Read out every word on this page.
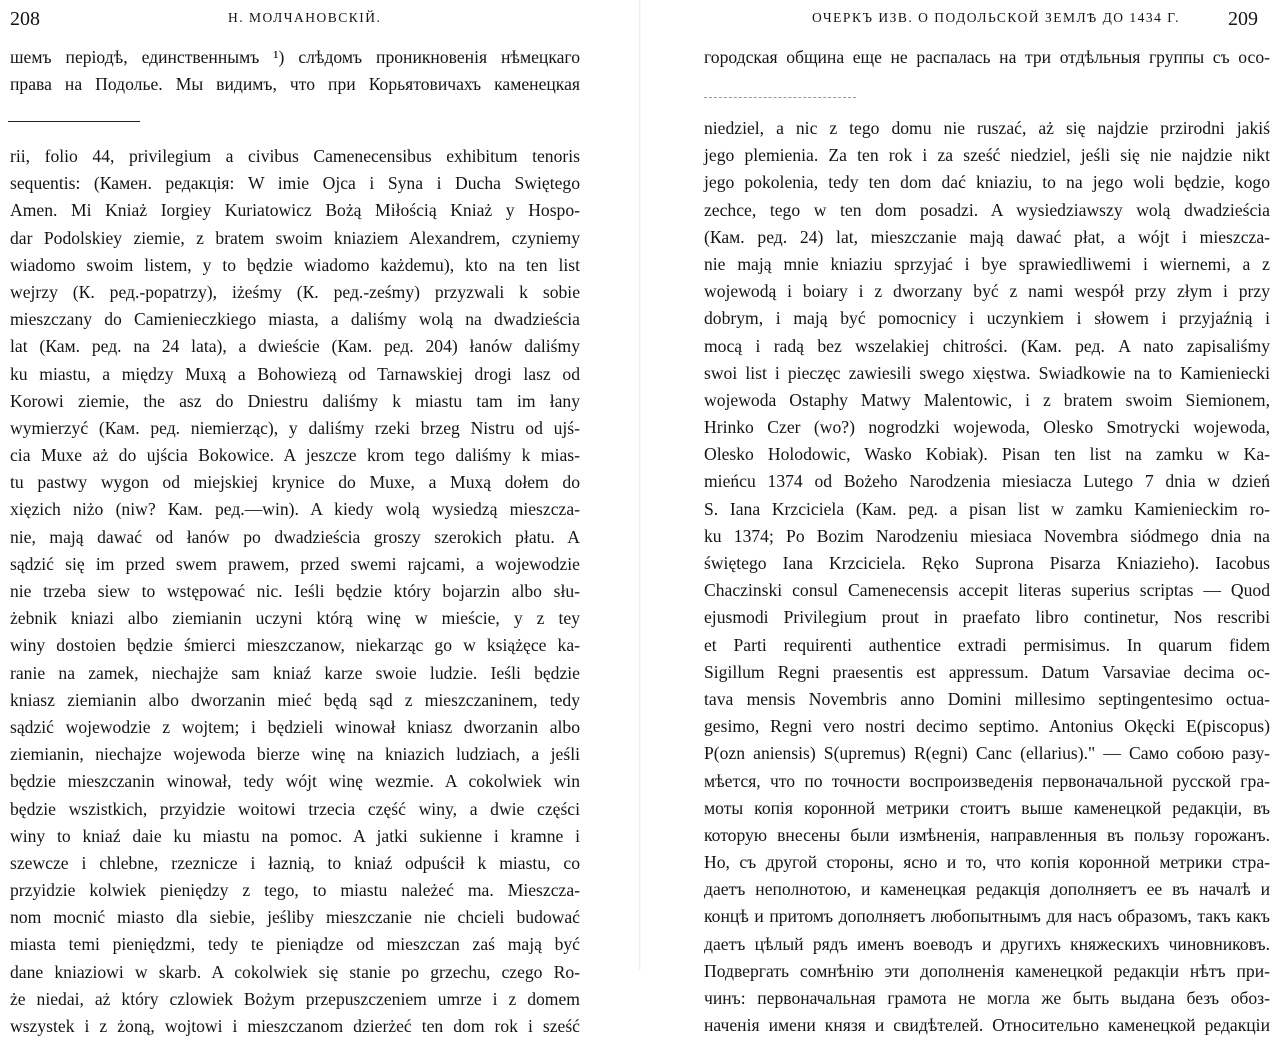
208	Н. МОЛЧАНОВСКІЙ.
шемъ періодѣ, единственнымъ ¹) слѣдомъ проникновенія нѣмецкаго
права на Подолье. Мы видимъ, что при Корьятовичахъ каменецкая
rii, folio 44, privilegium a civibus Camenecensibus exhibitum tenoris
sequentis: (Камен. редакція: W imie Ojca i Syna i Ducha Swiętego
Amen. Mi Kniaż Iorgiey Kuriatowicz Bożą Miłością Kniaż y Hospo-
dar Podolskiey ziemie, z bratem swoim kniaziem Alexandrem, czyniemy
wiadomo swoim listem, y to będzie wiadomo każdemu), kto na ten list
wejrzy (К. ред.-popatrzy), iżeśmy (К. ред.-ześmy) przyzwali k sobie
mieszczany do Camienieczkiego miasta, a daliśmy wolą na dwadzieścia
lat (Кам. ред. na 24 lata), a dwieście (Кам. ред. 204) łanów daliśmy
ku miastu, a między Muxą a Bohowiezą od Tarnawskiej drogi lasz od
Korowi ziemie, the asz do Dniestru daliśmy k miastu tam im łany
wymierzyć (Кам. ред. niemierząc), y daliśmy rzeki brzeg Nistru od ujś-
cia Muxe aż do ujścia Bokowice. A jeszcze krom tego daliśmy k mias-
tu pastwy wygon od miejskiej krynice do Muxe, a Muxą dołem do
xięzich niżo (niw? Кам. ред.—win). A kiedy wolą wysiedzą mieszcza-
nie, mają dawać od łanów po dwadzieścia groszy szerokich płatu. A
sądzić się im przed swem prawem, przed swemi rajcami, a wojewodzie
nie trzeba siew to wstępować nic. Ieśli będzie który bojarzin albo słu-
żebnik kniazi albo ziemianin uczyni którą winę w mieście, y z tey
winy dostoien będzie śmierci mieszczanow, niekarząc go w książęce ka-
ranie na zamek, niechajże sam kniaź karze swoie ludzie. Ieśli będzie
kniasz ziemianin albo dworzanin mieć będą sąd z mieszczaninem, tedy
sądzić wojewodzie z wojtem; i będzieli winował kniasz dworzanin albo
ziemianin, niechajze wojewoda bierze winę na kniazich ludziach, a jeśli
będzie mieszczanin winował, tedy wójt winę wezmie. A cokolwiek win
będzie wszistkich, przyidzie woitowi trzecia część winy, a dwie części
winy to kniaź daie ku miastu na pomoc. A jatki sukienne i kramne i
szewcze i chlebne, rzeznicze i łaznią, to kniaź odpuścił k miastu, co
przyidzie kolwiek pieniędzy z tego, to miastu należeć ma. Mieszcza-
nom mocnić miasto dla siebie, jeśliby mieszczanie nie chcieli budować
miasta temi pieniędzmi, tedy te pieniądze od mieszczan zaś mają być
dane kniaziowi w skarb. A cokolwiek się stanie po grzechu, czego Ro-
że niedai, aż który czlowiek Bożym przepuszczeniem umrze i z domem
wszystek i z żoną, wojtowi i mieszczanom dzierżeć ten dom rok i sześć
ОЧЕРКЪ ИЗВ. О ПОДОЛЬСКОЙ ЗЕМЛѢ ДО 1434 Г. 209
городская община еще не распалась на три отдѣльныя группы съ осо-
niedziel, a nic z tego domu nie ruszać, aż się najdzie przirodni jakiś
jego plemienia. Za ten rok i za sześć niedziel, jeśli się nie najdzie nikt
jego pokolenia, tedy ten dom dać kniaziu, to na jego woli będzie, kogo
zechce, tego w ten dom posadzi. A wysiedziawszy wolą dwadzieścia
(Кам. ред. 24) lat, mieszczanie mają dawać płat, a wójt i mieszcza-
nie mają mnie kniaziu sprzyjać i bye sprawiedliwemi i wiernemi, a z
wojewodą i boiary i z dworzany być z nami wespół przy złym i przy
dobrym, i mają być pomocnicy i uczynkiem i słowem i przyjaźnią i
mocą i radą bez wszelakiej chitrości. (Кам. ред. A nato zapisaliśmy
swoi list i pieczęc zawiesili swego xięstwa. Swiadkowie na to Kamieniecki
wojewoda Ostaphy Matwy Malentowic, i z bratem swoim Siemionem,
Hrinko Czer (wo?) nogrodzki wojewoda, Olesko Smotrycki wojewoda,
Olesko Holodowic, Wasko Kobiak). Pisan ten list na zamku w Ka-
mieńcu 1374 od Bożeho Narodzenia miesiacza Lutego 7 dnia w dzień
S. Iana Krzciciela (Кам. ред. a pisan list w zamku Kamienieckim ro-
ku 1374; Po Bozim Narodzeniu miesiaca Novembra siódmego dnia na
świętego Iana Krzciciela. Ręko Suprona Pisarza Kniazieho). Iacobus
Chaczinski consul Camenecensis accepit literas superius scriptas — Quod
ejusmodi Privilegium prout in praefato libro continetur, Nos rescribi
et Parti requirenti authentice extradi permisimus. In quarum fidem
Sigillum Regni praesentis est appressum. Datum Varsaviae decima oc-
tava mensis Novembris anno Domini millesimo septingentesimo octua-
gesimo, Regni vero nostri decimo septimo. Antonius Okęcki E(piscopus)
P(ozn aniensis) S(upremus) R(egni) Canc (ellarius)." — Само собою разу-
мѣется, что по точности воспроизведенія первоначальной русской гра-
моты копія коронной метрики стоитъ выше каменецкой редакціи, въ
которую внесены были измѣненія, направленныя въ пользу горожанъ.
Но, съ другой стороны, ясно и то, что копія коронной метрики стра-
даетъ неполнотою, и каменецкая редакція дополняетъ ее въ началѣ и
концѣ и притомъ дополняетъ любопытнымъ для насъ образомъ, такъ какъ
даетъ цѣлый рядъ именъ воеводъ и другихъ княжескихъ чиновниковъ.
Подвергать сомнѣнію эти дополненія каменецкой редакціи нѣтъ при-
чинъ: первоначальная грамота не могла же быть выдана безъ обоз-
наченія имени князя и свидѣтелей. Относительно каменецкой редакціи
